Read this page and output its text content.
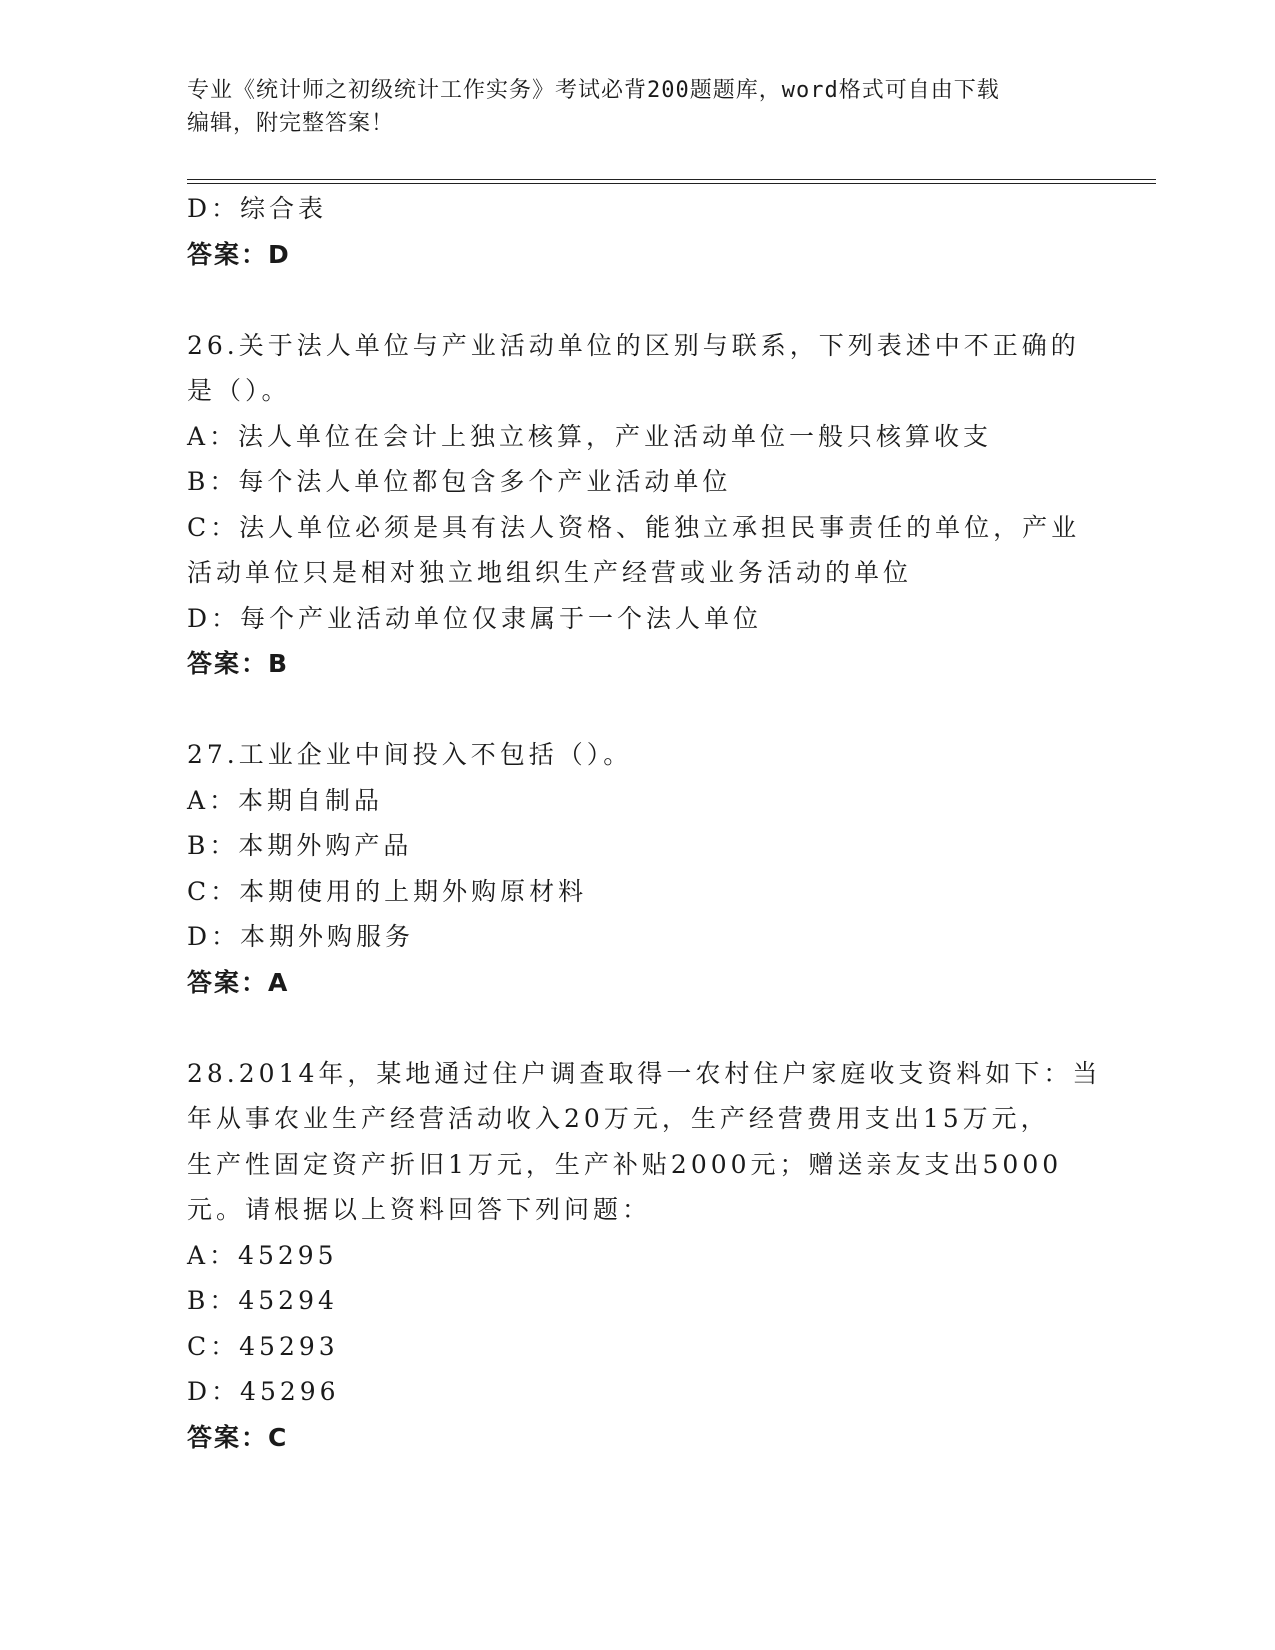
专业《统计师之初级统计工作实务》考试必背200题题库，word格式可自由下载
编辑，附完整答案！
D：综合表
答案：D
26.关于法人单位与产业活动单位的区别与联系，下列表述中不正确的
是（）。
A：法人单位在会计上独立核算，产业活动单位一般只核算收支
B：每个法人单位都包含多个产业活动单位
C：法人单位必须是具有法人资格、能独立承担民事责任的单位，产业
活动单位只是相对独立地组织生产经营或业务活动的单位
D：每个产业活动单位仅隶属于一个法人单位
答案：B
27.工业企业中间投入不包括（）。
A：本期自制品
B：本期外购产品
C：本期使用的上期外购原材料
D：本期外购服务
答案：A
28.2014年，某地通过住户调查取得一农村住户家庭收支资料如下：当
年从事农业生产经营活动收入20万元，生产经营费用支出15万元，
生产性固定资产折旧1万元，生产补贴2000元；赠送亲友支出5000
元。请根据以上资料回答下列问题：
A：45295
B：45294
C：45293
D：45296
答案：C
